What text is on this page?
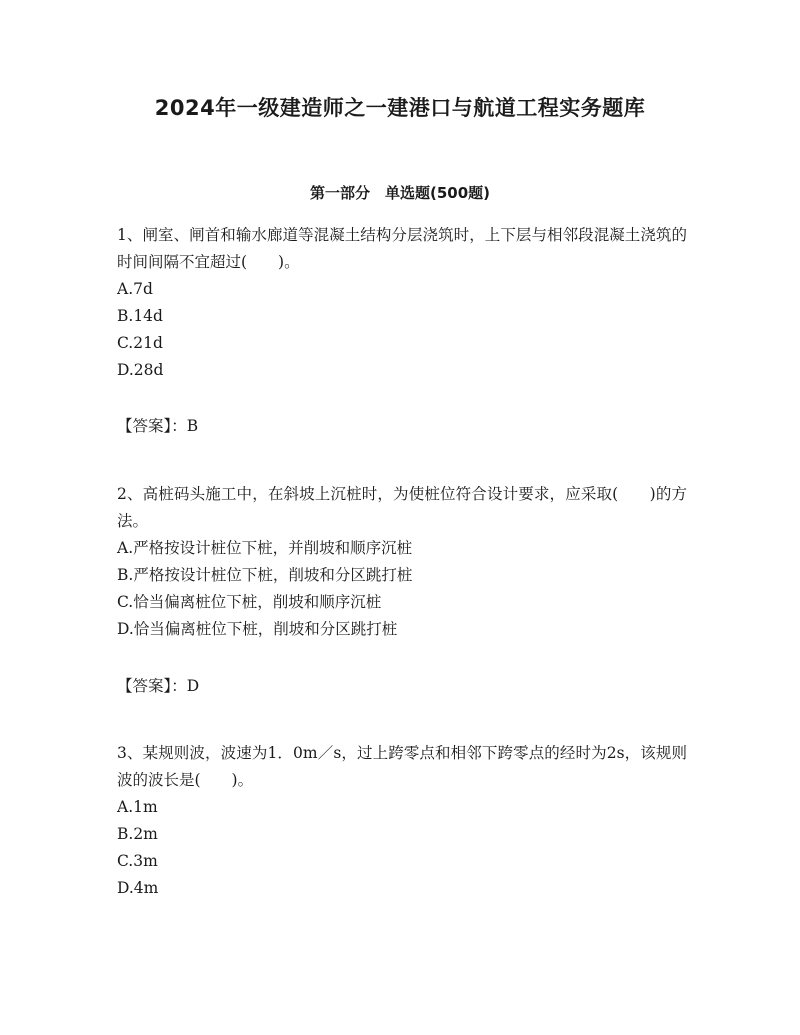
2024年一级建造师之一建港口与航道工程实务题库
第一部分　单选题(500题)

1、闸室、闸首和输水廊道等混凝土结构分层浇筑时，上下层与相邻段混凝土浇筑的时间间隔不宜超过(　　)。

A.7d

B.14d

C.21d

D.28d

【答案】：B

2、高桩码头施工中，在斜坡上沉桩时，为使桩位符合设计要求，应采取(　　)的方法。

A.严格按设计桩位下桩，并削坡和顺序沉桩

B.严格按设计桩位下桩，削坡和分区跳打桩

C.恰当偏离桩位下桩，削坡和顺序沉桩

D.恰当偏离桩位下桩，削坡和分区跳打桩

【答案】：D

3、某规则波，波速为1．0m／s，过上跨零点和相邻下跨零点的经时为2s，该规则波的波长是(　　)。

A.1m

B.2m

C.3m

D.4m
